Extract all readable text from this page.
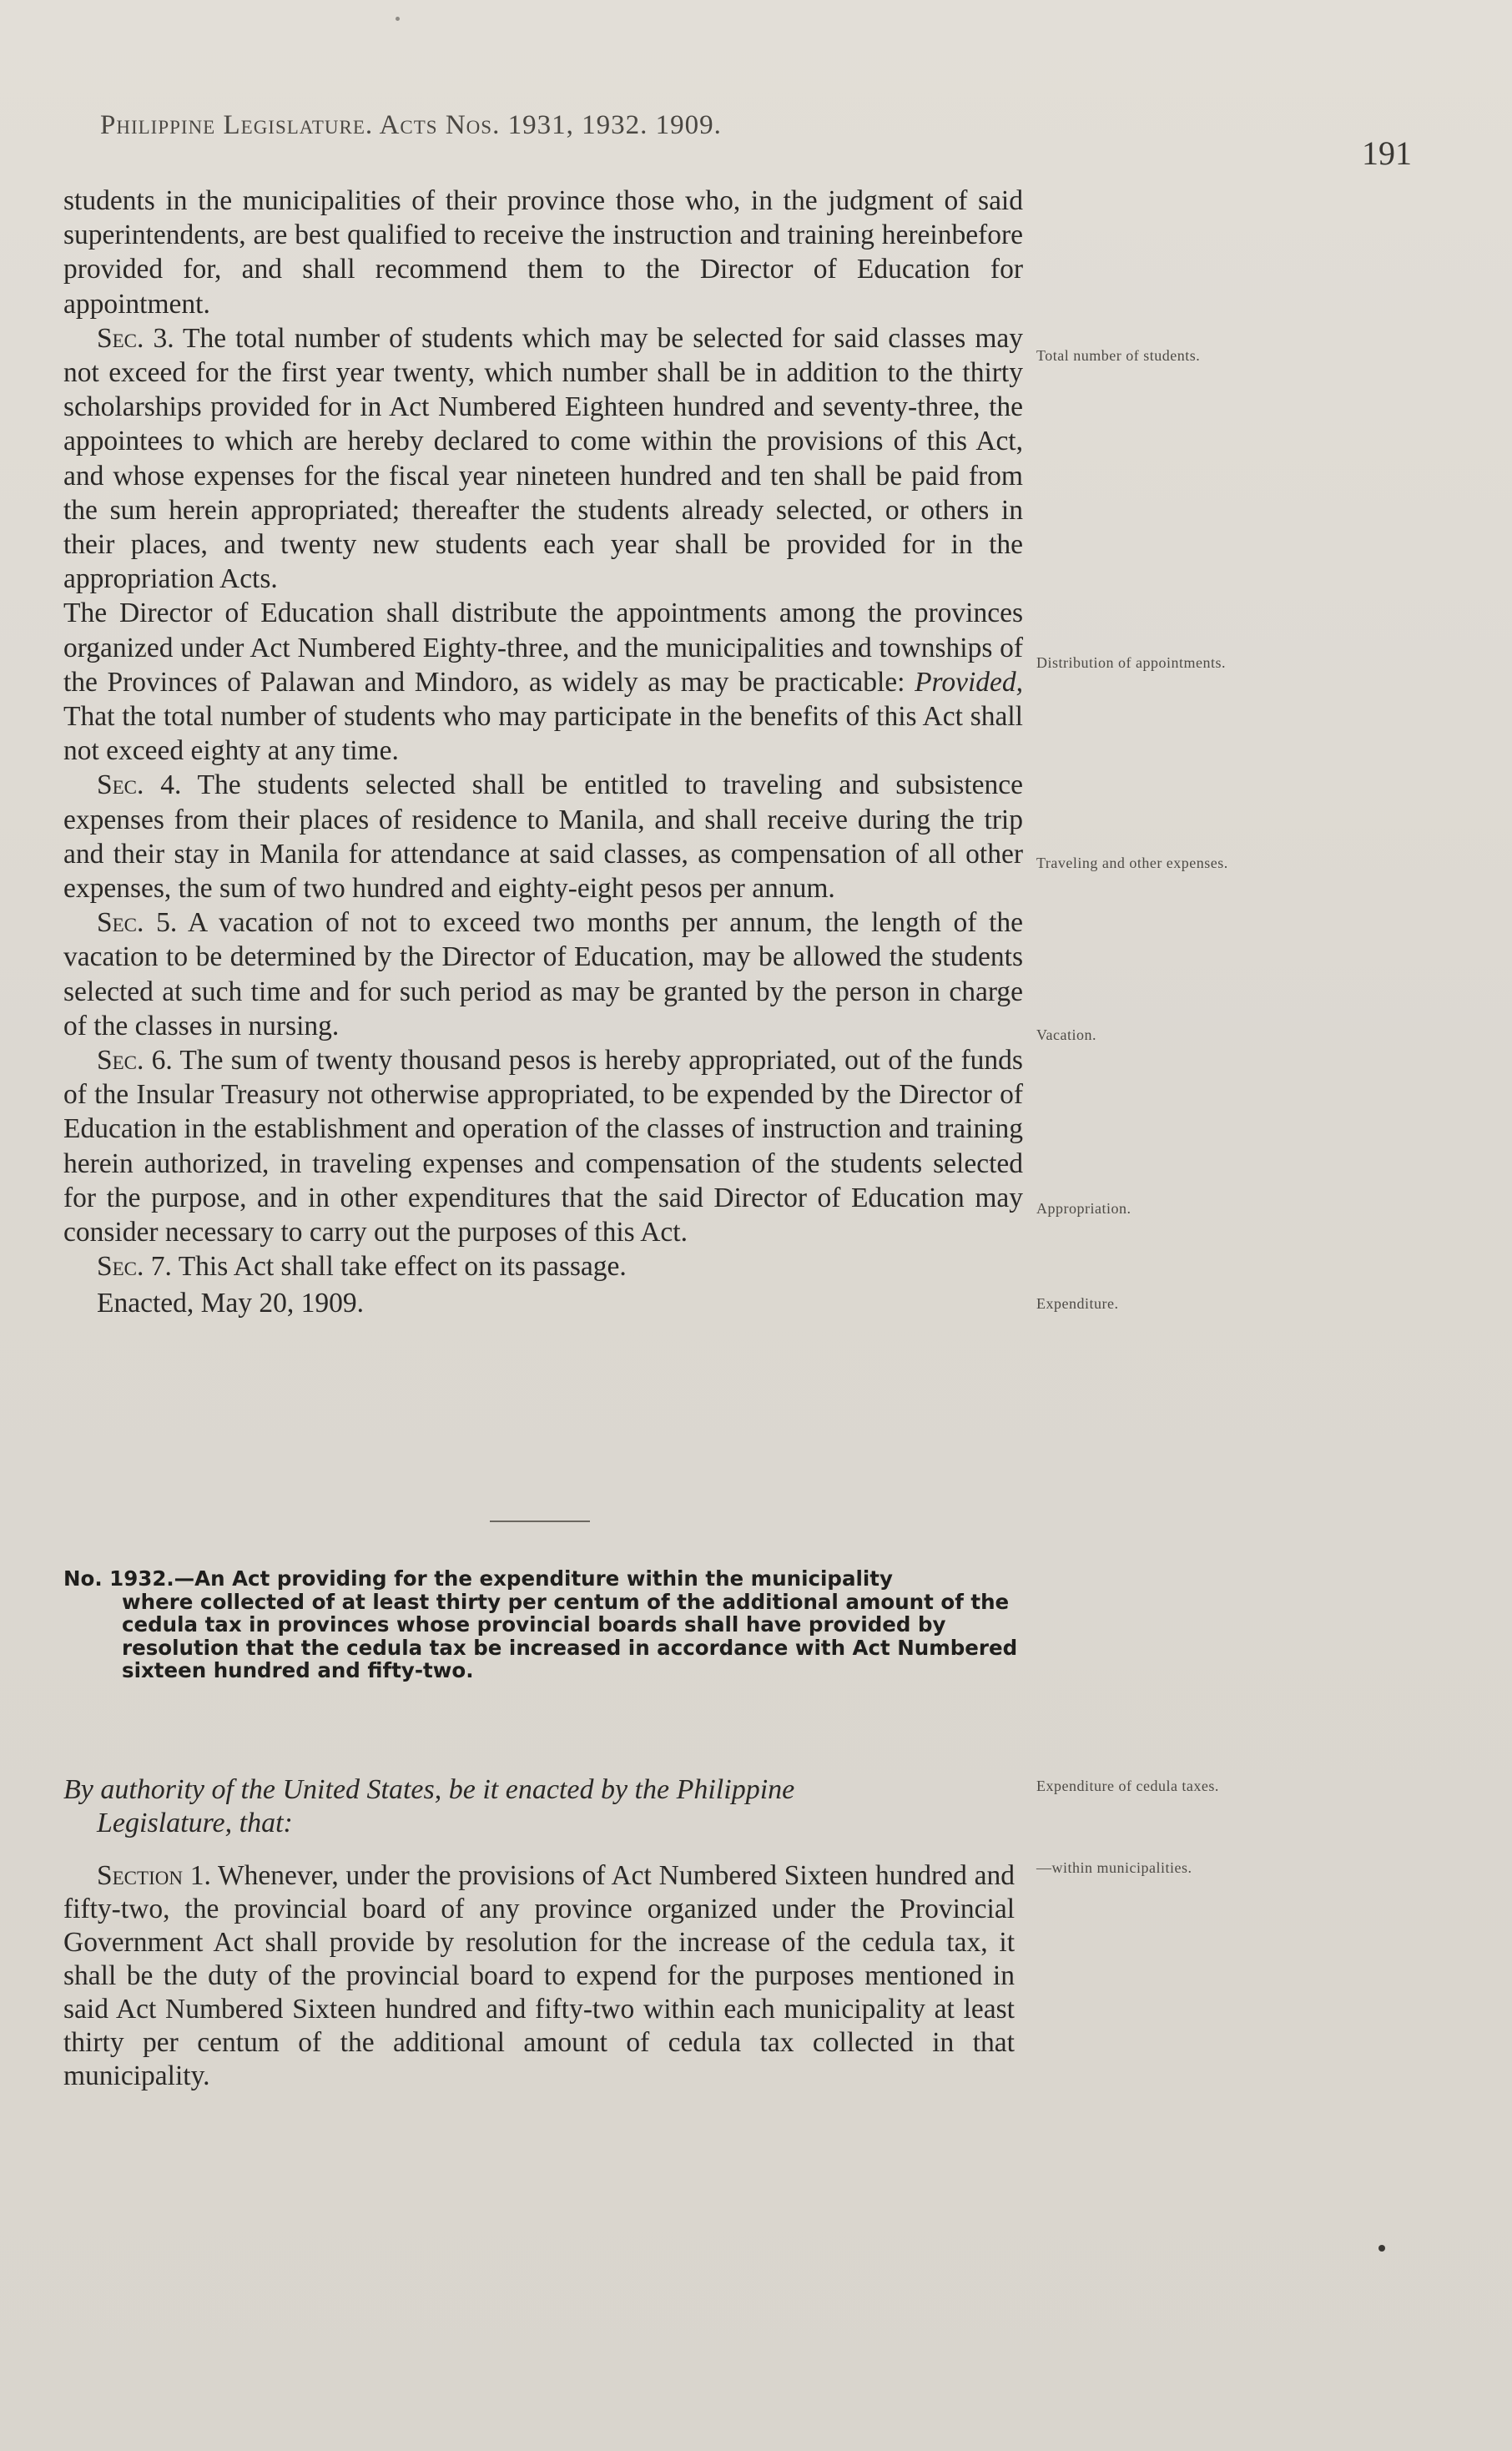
Philippine Legislature. Acts Nos. 1931, 1932. 1909.
191

students in the municipalities of their province those who, in the judgment of said superintendents, are best qualified to receive the instruction and training hereinbefore provided for, and shall recommend them to the Director of Education for appointment.

Sec. 3. The total number of students which may be selected for said classes may not exceed for the first year twenty, which number shall be in addition to the thirty scholarships provided for in Act Numbered Eighteen hundred and seventy-three, the appointees to which are hereby declared to come within the provisions of this Act, and whose expenses for the fiscal year nineteen hundred and ten shall be paid from the sum herein appropriated; thereafter the students already selected, or others in their places, and twenty new students each year shall be provided for in the appropriation Acts.

The Director of Education shall distribute the appointments among the provinces organized under Act Numbered Eighty-three, and the municipalities and townships of the Provinces of Palawan and Mindoro, as widely as may be practicable: Provided, That the total number of students who may participate in the benefits of this Act shall not exceed eighty at any time.

Sec. 4. The students selected shall be entitled to traveling and subsistence expenses from their places of residence to Manila, and shall receive during the trip and their stay in Manila for attendance at said classes, as compensation of all other expenses, the sum of two hundred and eighty-eight pesos per annum.

Sec. 5. A vacation of not to exceed two months per annum, the length of the vacation to be determined by the Director of Education, may be allowed the students selected at such time and for such period as may be granted by the person in charge of the classes in nursing.

Sec. 6. The sum of twenty thousand pesos is hereby appropriated, out of the funds of the Insular Treasury not otherwise appropriated, to be expended by the Director of Education in the establishment and operation of the classes of instruction and training herein authorized, in traveling expenses and compensation of the students selected for the purpose, and in other expenditures that the said Director of Education may consider necessary to carry out the purposes of this Act.

Sec. 7. This Act shall take effect on its passage.

Enacted, May 20, 1909.

No. 1932.—An Act providing for the expenditure within the municipality
where collected of at least thirty per centum of the additional amount of the cedula tax in provinces whose provincial boards shall have provided by resolution that the cedula tax be increased in accordance with Act Numbered sixteen hundred and fifty-two.
By authority of the United States, be it enacted by the Philippine
Legislature, that:

Section 1. Whenever, under the provisions of Act Numbered Sixteen hundred and fifty-two, the provincial board of any province organized under the Provincial Government Act shall provide by resolution for the increase of the cedula tax, it shall be the duty of the provincial board to expend for the purposes mentioned in said Act Numbered Sixteen hundred and fifty-two within each municipality at least thirty per centum of the additional amount of cedula tax collected in that municipality.

Total number of students.
Distribution of appointments.
Traveling and other expenses.
Vacation.
Appropriation.
Expenditure.
Expenditure of cedula taxes.
—within municipalities.
